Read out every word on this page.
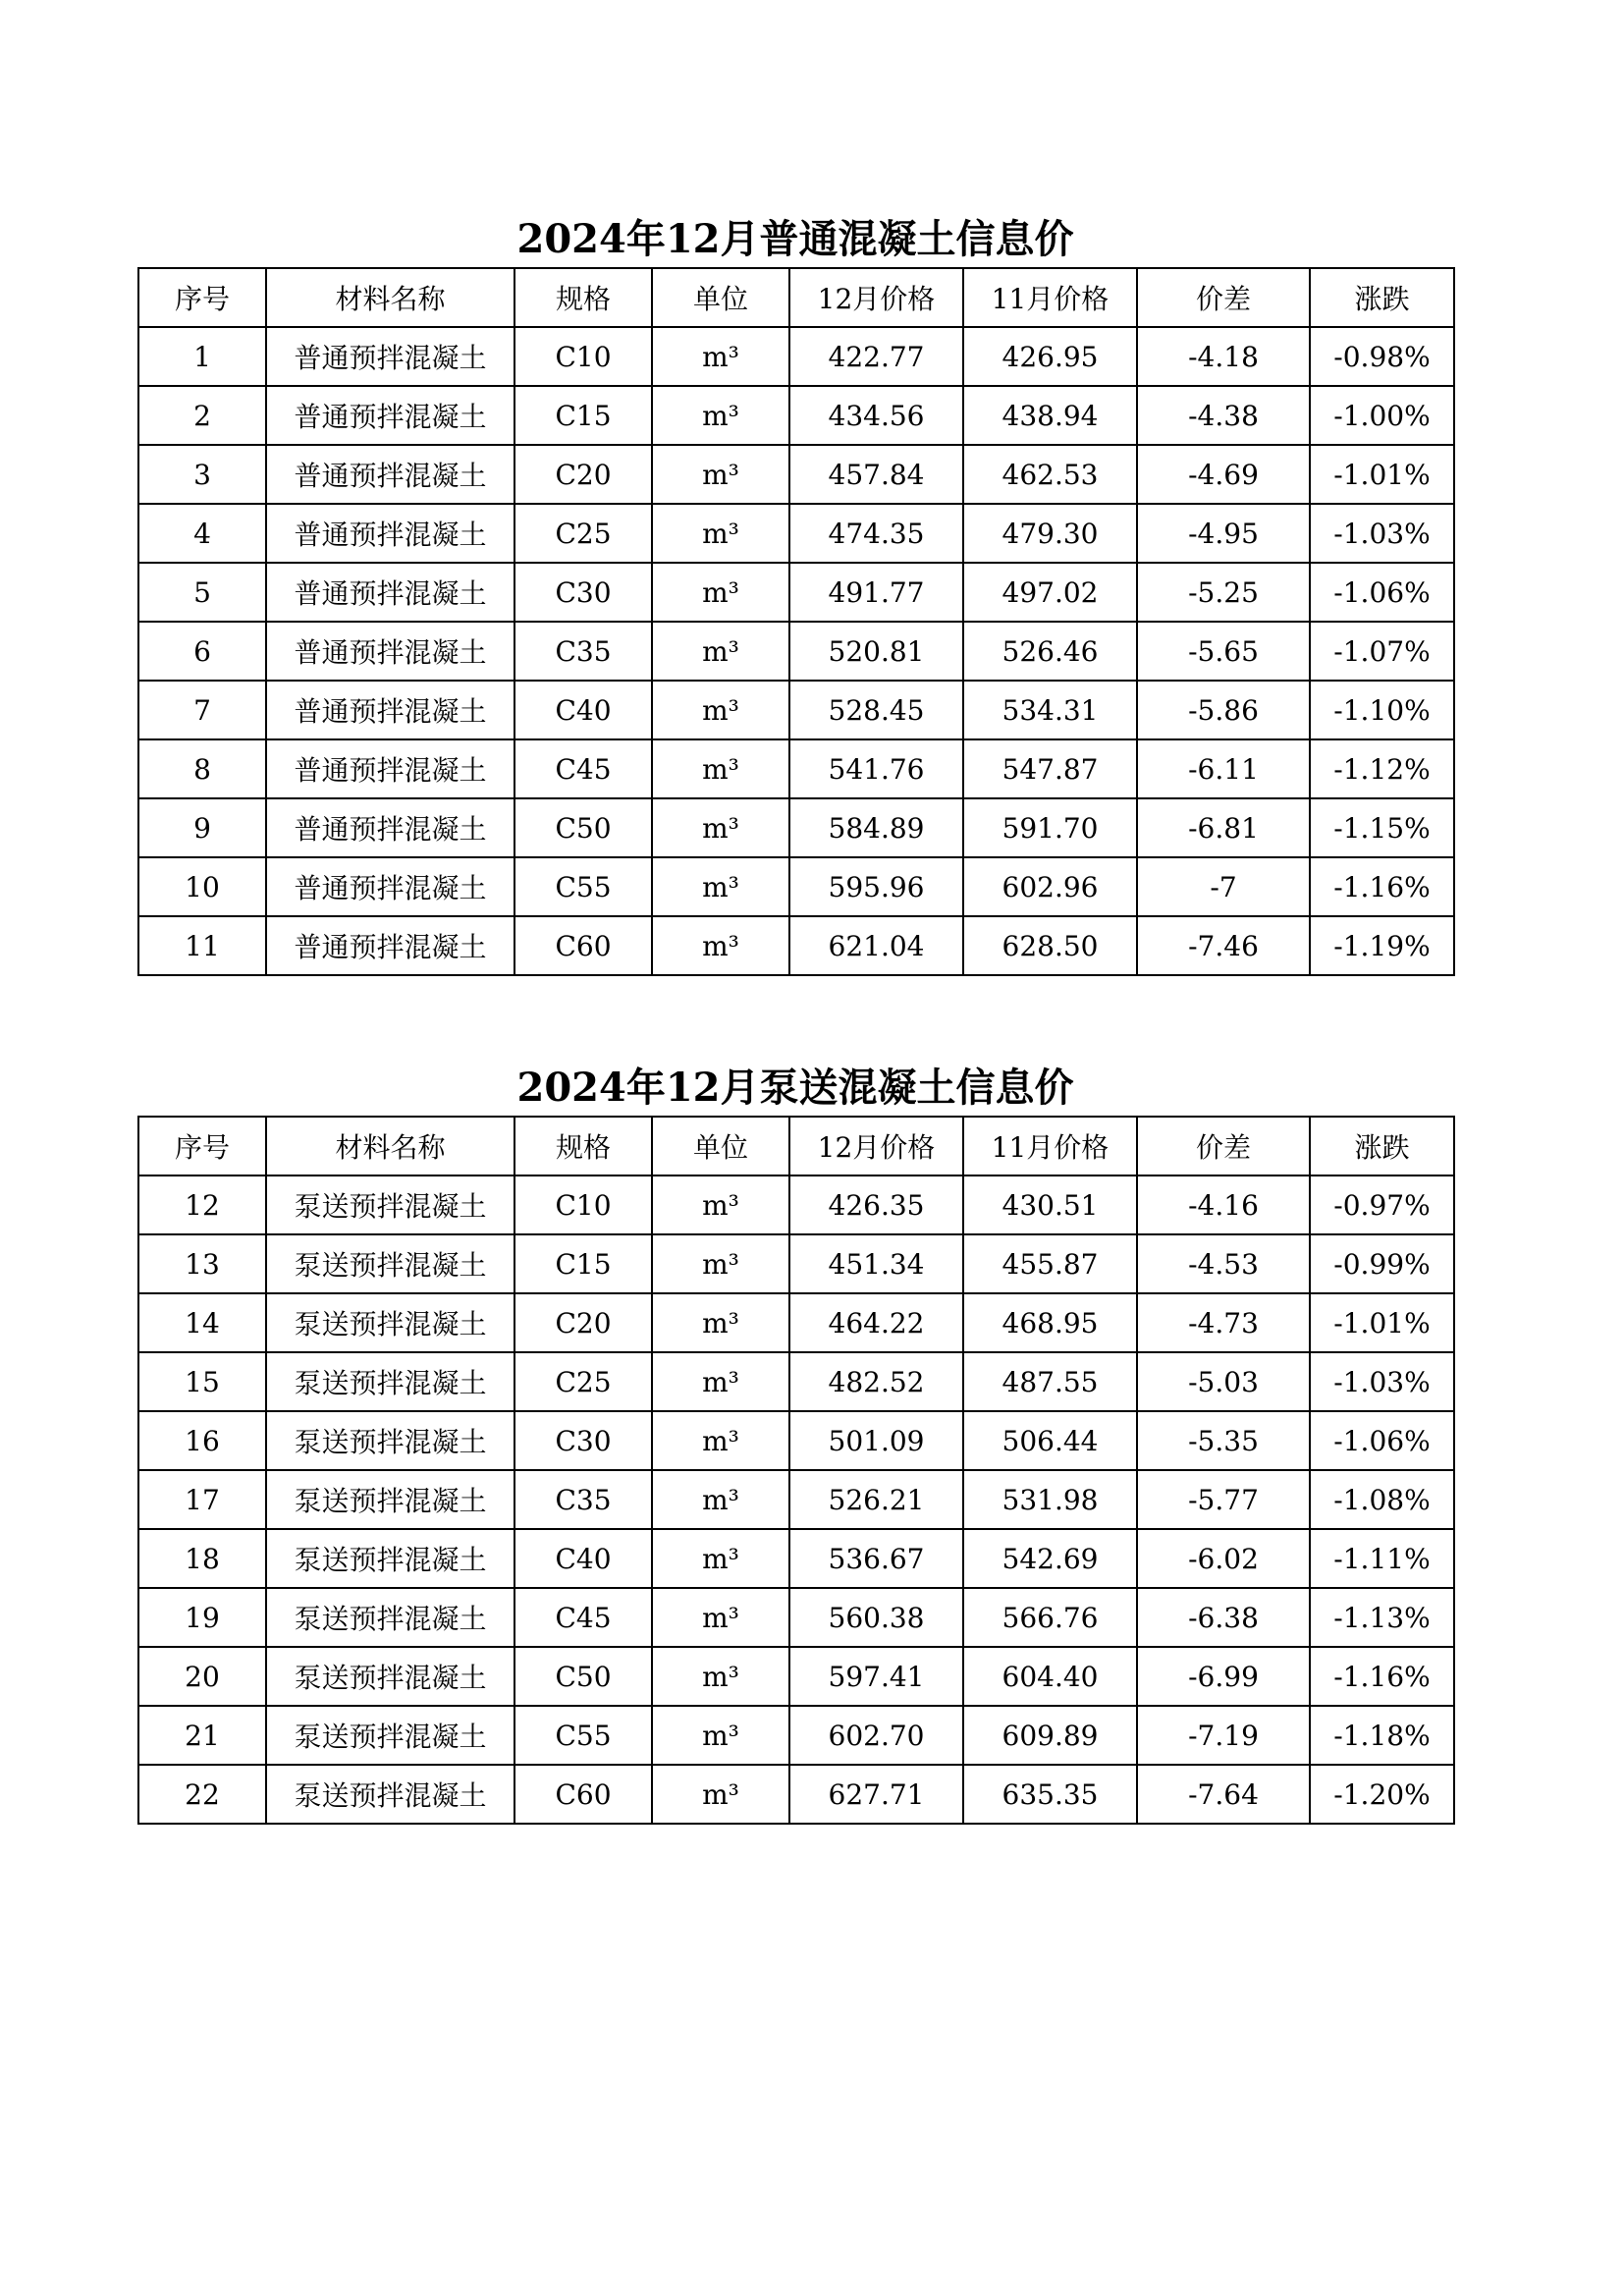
2024年12月普通混凝土信息价
序号	材料名称	规格	单位	12月价格	11月价格	价差	涨跌
1	普通预拌混凝土	C10	m³	422.77	426.95	-4.18	-0.98%
2	普通预拌混凝土	C15	m³	434.56	438.94	-4.38	-1.00%
3	普通预拌混凝土	C20	m³	457.84	462.53	-4.69	-1.01%
4	普通预拌混凝土	C25	m³	474.35	479.30	-4.95	-1.03%
5	普通预拌混凝土	C30	m³	491.77	497.02	-5.25	-1.06%
6	普通预拌混凝土	C35	m³	520.81	526.46	-5.65	-1.07%
7	普通预拌混凝土	C40	m³	528.45	534.31	-5.86	-1.10%
8	普通预拌混凝土	C45	m³	541.76	547.87	-6.11	-1.12%
9	普通预拌混凝土	C50	m³	584.89	591.70	-6.81	-1.15%
10	普通预拌混凝土	C55	m³	595.96	602.96	-7	-1.16%
11	普通预拌混凝土	C60	m³	621.04	628.50	-7.46	-1.19%
2024年12月泵送混凝土信息价
序号	材料名称	规格	单位	12月价格	11月价格	价差	涨跌
12	泵送预拌混凝土	C10	m³	426.35	430.51	-4.16	-0.97%
13	泵送预拌混凝土	C15	m³	451.34	455.87	-4.53	-0.99%
14	泵送预拌混凝土	C20	m³	464.22	468.95	-4.73	-1.01%
15	泵送预拌混凝土	C25	m³	482.52	487.55	-5.03	-1.03%
16	泵送预拌混凝土	C30	m³	501.09	506.44	-5.35	-1.06%
17	泵送预拌混凝土	C35	m³	526.21	531.98	-5.77	-1.08%
18	泵送预拌混凝土	C40	m³	536.67	542.69	-6.02	-1.11%
19	泵送预拌混凝土	C45	m³	560.38	566.76	-6.38	-1.13%
20	泵送预拌混凝土	C50	m³	597.41	604.40	-6.99	-1.16%
21	泵送预拌混凝土	C55	m³	602.70	609.89	-7.19	-1.18%
22	泵送预拌混凝土	C60	m³	627.71	635.35	-7.64	-1.20%
